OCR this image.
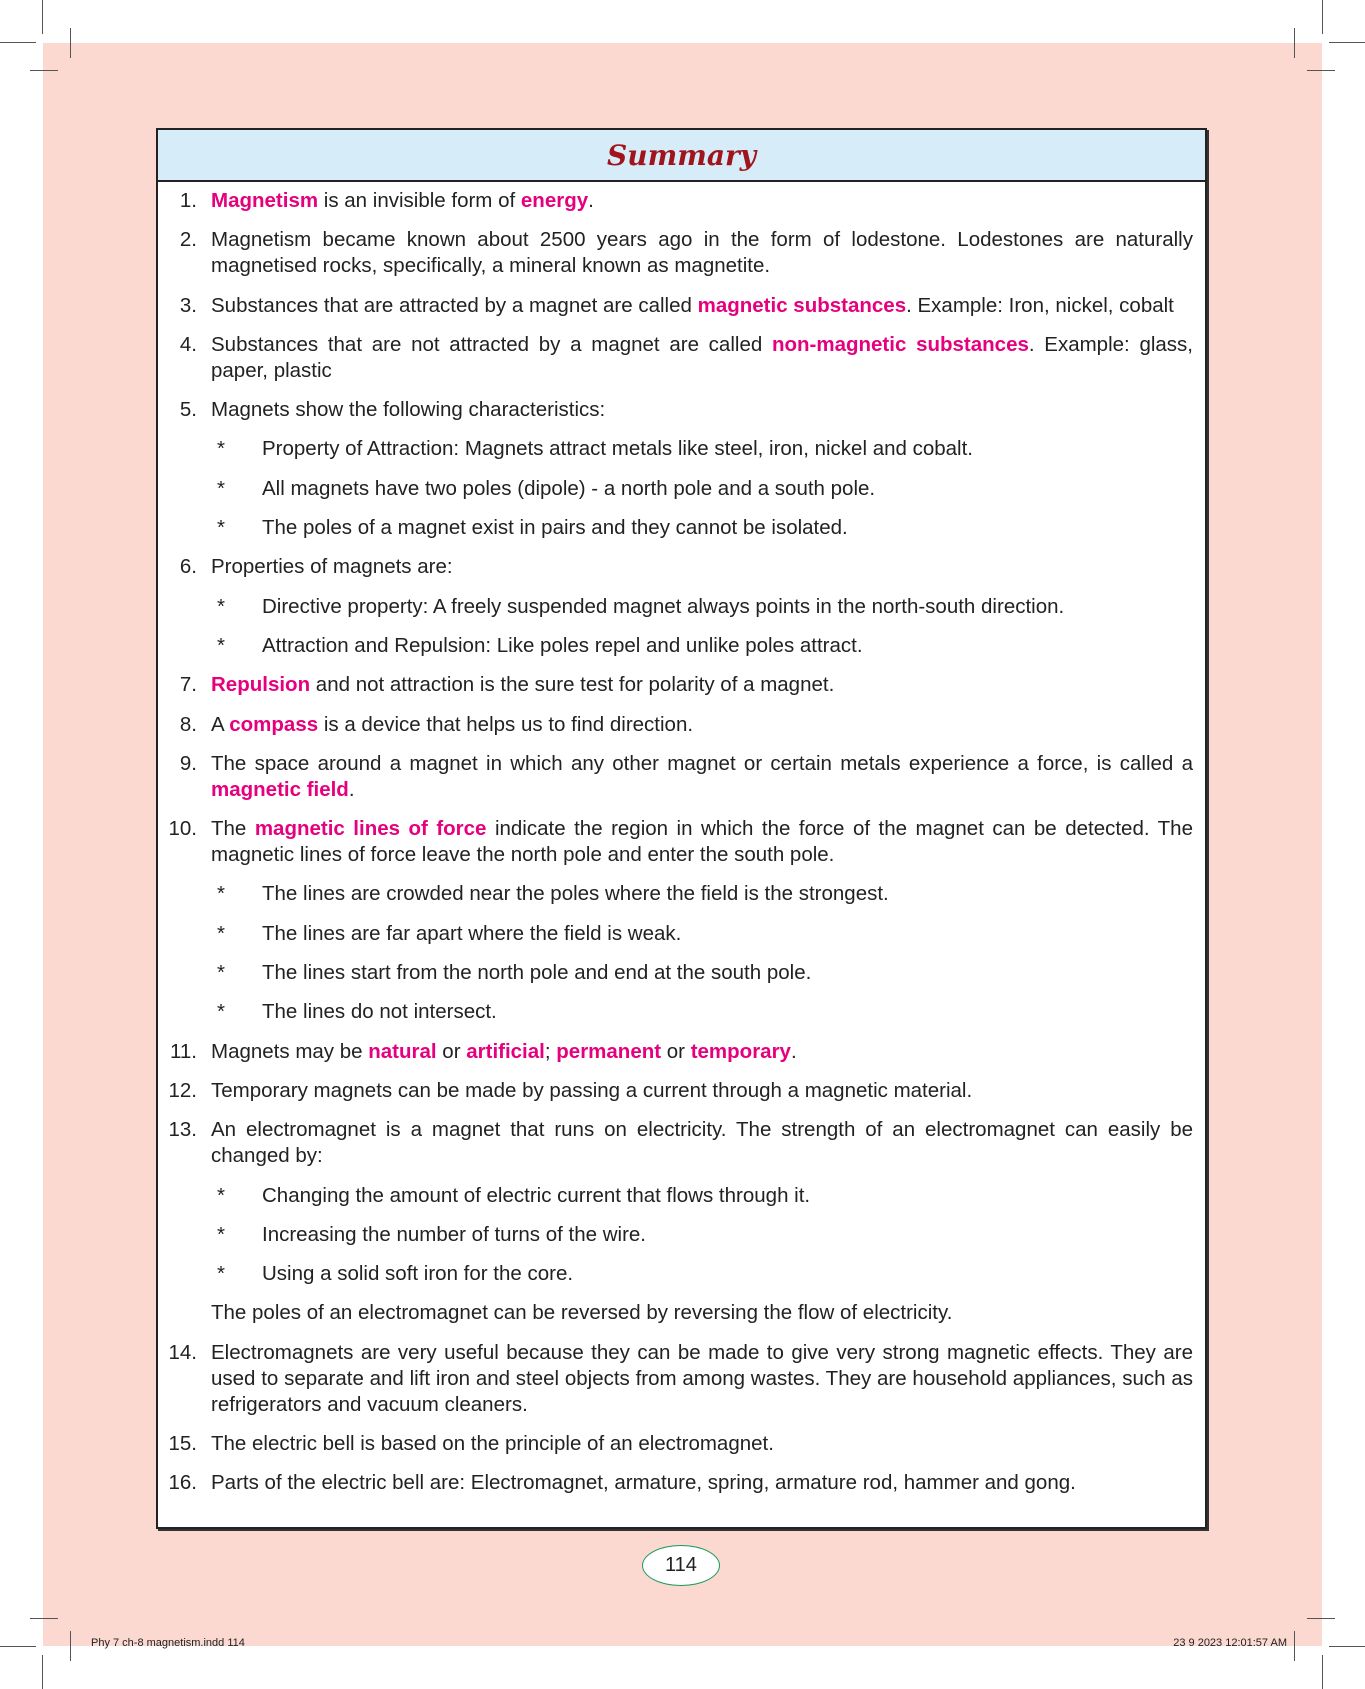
Summary
1. Magnetism is an invisible form of energy.
2. Magnetism became known about 2500 years ago in the form of lodestone. Lodestones are naturally magnetised rocks, specifically, a mineral known as magnetite.
3. Substances that are attracted by a magnet are called magnetic substances. Example: Iron, nickel, cobalt
4. Substances that are not attracted by a magnet are called non-magnetic substances. Example: glass, paper, plastic
5. Magnets show the following characteristics:
*	Property of Attraction: Magnets attract metals like steel, iron, nickel and cobalt.
*	All magnets have two poles (dipole) - a north pole and a south pole.
*	The poles of a magnet exist in pairs and they cannot be isolated.
6. Properties of magnets are:
*	Directive property: A freely suspended magnet always points in the north-south direction.
*	Attraction and Repulsion: Like poles repel and unlike poles attract.
7. Repulsion and not attraction is the sure test for polarity of a magnet.
8. A compass is a device that helps us to find direction.
9. The space around a magnet in which any other magnet or certain metals experience a force, is called a magnetic field.
10. The magnetic lines of force indicate the region in which the force of the magnet can be detected. The magnetic lines of force leave the north pole and enter the south pole.
*	The lines are crowded near the poles where the field is the strongest.
*	The lines are far apart where the field is weak.
*	The lines start from the north pole and end at the south pole.
*	The lines do not intersect.
11. Magnets may be natural or artificial; permanent or temporary.
12. Temporary magnets can be made by passing a current through a magnetic material.
13. An electromagnet is a magnet that runs on electricity. The strength of an electromagnet can easily be changed by:
*	Changing the amount of electric current that flows through it.
*	Increasing the number of turns of the wire.
*	Using a solid soft iron for the core.
The poles of an electromagnet can be reversed by reversing the flow of electricity.
14. Electromagnets are very useful because they can be made to give very strong magnetic effects. They are used to separate and lift iron and steel objects from among wastes. They are household appliances, such as refrigerators and vacuum cleaners.
15. The electric bell is based on the principle of an electromagnet.
16. Parts of the electric bell are: Electromagnet, armature, spring, armature rod, hammer and gong.
114
Phy 7 ch-8 magnetism.indd 114	23 9 2023 12:01:57 AM
